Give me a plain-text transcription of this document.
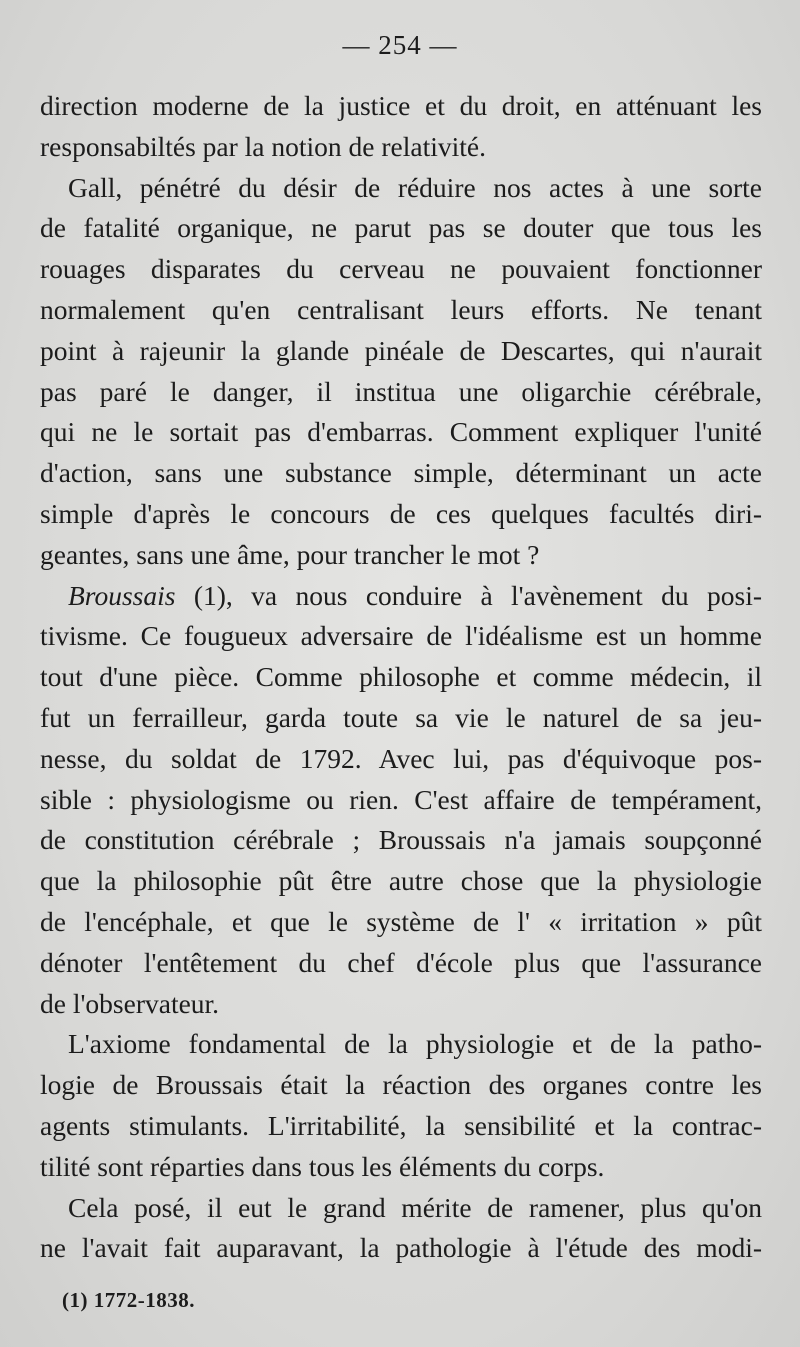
— 254 —
direction moderne de la justice et du droit, en atténuant les
responsabiltés par la notion de relativité.
Gall, pénétré du désir de réduire nos actes à une sorte
de fatalité organique, ne parut pas se douter que tous les
rouages disparates du cerveau ne pouvaient fonctionner
normalement qu'en centralisant leurs efforts. Ne tenant
point à rajeunir la glande pinéale de Descartes, qui n'aurait
pas paré le danger, il institua une oligarchie cérébrale,
qui ne le sortait pas d'embarras. Comment expliquer l'unité
d'action, sans une substance simple, déterminant un acte
simple d'après le concours de ces quelques facultés diri-
geantes, sans une âme, pour trancher le mot ?
Broussais (1), va nous conduire à l'avènement du posi-
tivisme. Ce fougueux adversaire de l'idéalisme est un homme
tout d'une pièce. Comme philosophe et comme médecin, il
fut un ferrailleur, garda toute sa vie le naturel de sa jeu-
nesse, du soldat de 1792. Avec lui, pas d'équivoque pos-
sible : physiologisme ou rien. C'est affaire de tempérament,
de constitution cérébrale ; Broussais n'a jamais soupçonné
que la philosophie pût être autre chose que la physiologie
de l'encéphale, et que le système de l' « irritation » pût
dénoter l'entêtement du chef d'école plus que l'assurance
de l'observateur.
L'axiome fondamental de la physiologie et de la patho-
logie de Broussais était la réaction des organes contre les
agents stimulants. L'irritabilité, la sensibilité et la contrac-
tilité sont réparties dans tous les éléments du corps.
Cela posé, il eut le grand mérite de ramener, plus qu'on
ne l'avait fait auparavant, la pathologie à l'étude des modi-
(1) 1772-1838.
